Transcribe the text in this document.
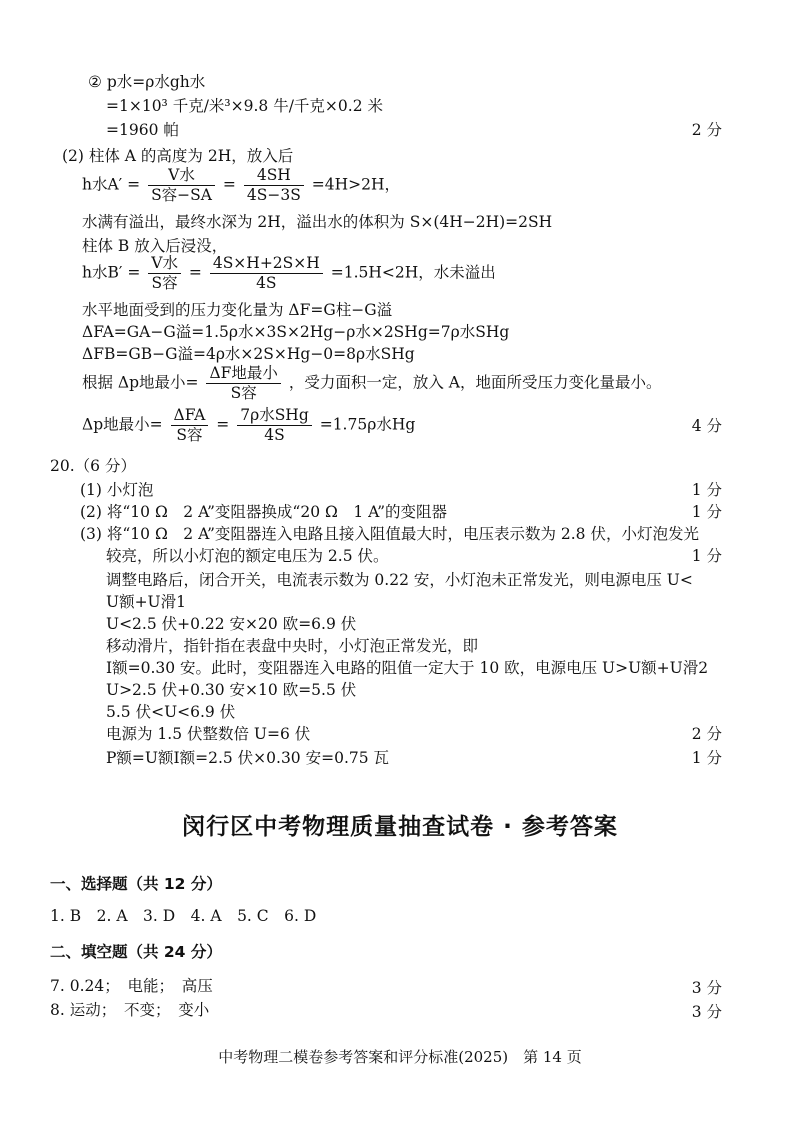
② p水=ρ水gh水
=1×10³ 千克/米³×9.8 牛/千克×0.2 米
=1960 帕	2 分
(2) 柱体 A 的高度为 2H，放入后
h水A′ =
V水
S容−SA
= $\frac{4SH}{4S-3S} =4H>2H$，
水满有溢出，最终水深为 2H，溢出水的体积为 S×(4H−2H)=2SH
柱体 B 放入后浸没，
h水B′ =
V水
S容
= $\frac{4S\times H+2S\times H}{4S} =1.5H<2H$，水未溢出
水平地面受到的压力变化量为 ΔF=G柱−G溢
ΔFA=GA−G溢=1.5ρ水×3S×2Hg−ρ水×2SHg=7ρ水SHg
ΔFB=GB−G溢=4ρ水×2S×Hg−0=8ρ水SHg
根据 Δp地最小=
ΔF地最小
S容
，受力面积一定，放入 A，地面所受压力变化量最小。
Δp地最小=
ΔFA
S容
=
7ρ水SHg
4S
=1.75ρ水Hg	4 分
20.（6 分）
(1) 小灯泡	1 分
(2) 将“10 Ω　2 A”变阻器换成“20 Ω　1 A”的变阻器	1 分
(3) 将“10 Ω　2 A”变阻器连入电路且接入阻值最大时，电压表示数为 2.8 伏，小灯泡发光
较亮，所以小灯泡的额定电压为 2.5 伏。	1 分
调整电路后，闭合开关，电流表示数为 0.22 安，小灯泡未正常发光，则电源电压 U<
U额+U滑1
U<2.5 伏+0.22 安×20 欧=6.9 伏
移动滑片，指针指在表盘中央时，小灯泡正常发光，即
I额=0.30 安。此时，变阻器连入电路的阻值一定大于 10 欧，电源电压 U>U额+U滑2
U>2.5 伏+0.30 安×10 欧=5.5 伏
5.5 伏<U<6.9 伏
电源为 1.5 伏整数倍 U=6 伏	2 分
P额=U额I额=2.5 伏×0.30 安=0.75 瓦	1 分
闵行区中考物理质量抽查试卷 · 参考答案
一、选择题（共 12 分）
1. B　2. A　3. D　4. A　5. C　6. D
二、填空题（共 24 分）
7. 0.24；　电能；　高压	3 分
8. 运动；　不变；　变小	3 分
中考物理二模卷参考答案和评分标准(2025)　第 14 页
